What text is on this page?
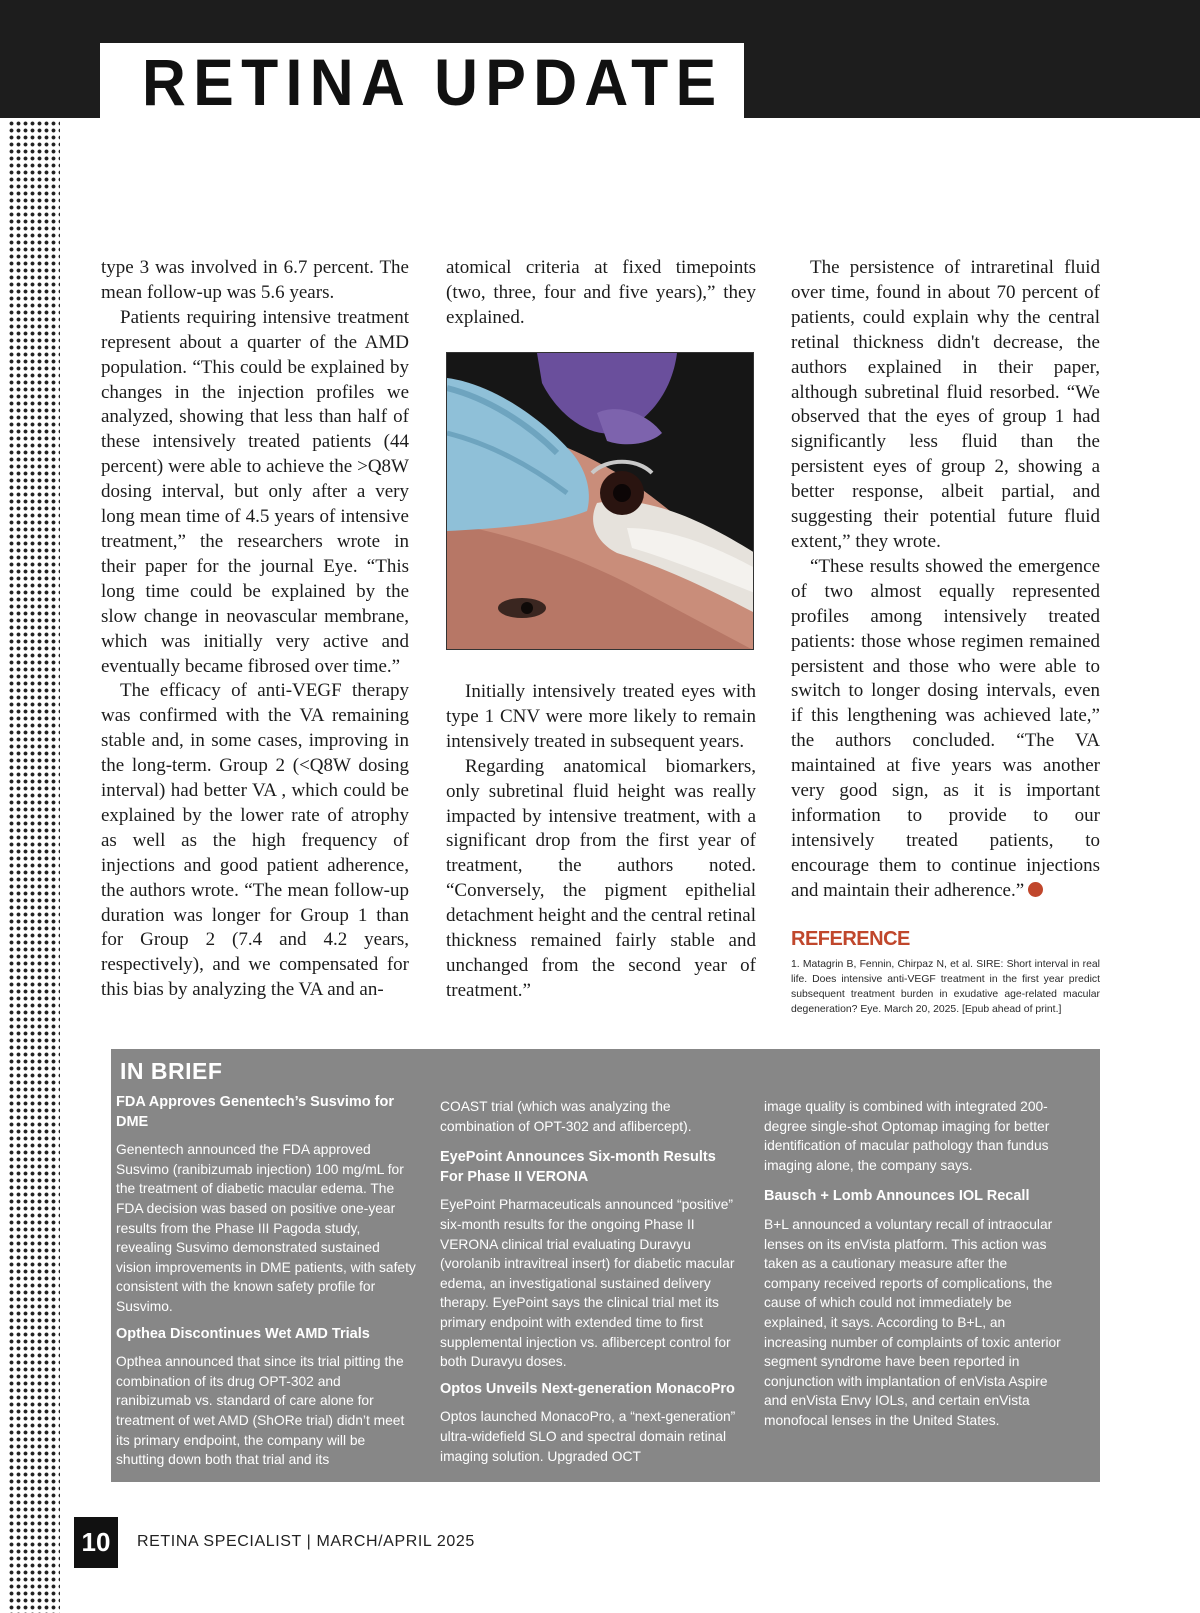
RETINA UPDATE

type 3 was involved in 6.7 percent. The mean follow-up was 5.6 years.

Patients requiring intensive treatment represent about a quarter of the AMD population. “This could be explained by changes in the injection profiles we analyzed, showing that less than half of these intensively treated patients (44 percent) were able to achieve the >Q8W dosing interval, but only after a very long mean time of 4.5 years of intensive treatment,” the researchers wrote in their paper for the journal Eye. “This long time could be explained by the slow change in neovascular membrane, which was initially very active and eventually became fibrosed over time.”

The efficacy of anti-VEGF therapy was confirmed with the VA remaining stable and, in some cases, improving in the long-term. Group 2 (<Q8W dosing interval) had better VA , which could be explained by the lower rate of atrophy as well as the high frequency of injections and good patient adherence, the authors wrote. “The mean follow-up duration was longer for Group 1 than for Group 2 (7.4 and 4.2 years, respectively), and we compensated for this bias by analyzing the VA and an-

atomical criteria at fixed timepoints (two, three, four and five years),” they explained.

Initially intensively treated eyes with type 1 CNV were more likely to remain intensively treated in subsequent years.

Regarding anatomical biomarkers, only subretinal fluid height was really impacted by intensive treatment, with a significant drop from the first year of treatment, the authors noted. “Conversely, the pigment epithelial detachment height and the central retinal thickness remained fairly stable and unchanged from the second year of treatment.”

The persistence of intraretinal fluid over time, found in about 70 percent of patients, could explain why the central retinal thickness didn't decrease, the authors explained in their paper, although subretinal fluid resorbed. “We observed that the eyes of group 1 had significantly less fluid than the persistent eyes of group 2, showing a better response, albeit partial, and suggesting their potential future fluid extent,” they wrote.

“These results showed the emergence of two almost equally represented profiles among intensively treated patients: those whose regimen remained persistent and those who were able to switch to longer dosing intervals, even if this lengthening was achieved late,” the authors concluded. “The VA maintained at five years was another very good sign, as it is important information to provide to our intensively treated patients, to encourage them to continue injections and maintain their adherence.”

REFERENCE
1. Matagrin B, Fennin, Chirpaz N, et al. SIRE: Short interval in real life. Does intensive anti-VEGF treatment in the first year predict subsequent treatment burden in exudative age-related macular degeneration? Eye. March 20, 2025. [Epub ahead of print.]
IN BRIEF
FDA Approves Genentech’s Susvimo for DME

Genentech announced the FDA approved Susvimo (ranibizumab injection) 100 mg/mL for the treatment of diabetic macular edema. The FDA decision was based on positive one-year results from the Phase III Pagoda study, revealing Susvimo demonstrated sustained vision improvements in DME patients, with safety consistent with the known safety profile for Susvimo.

Opthea Discontinues Wet AMD Trials

Opthea announced that since its trial pitting the combination of its drug OPT-302 and ranibizumab vs. standard of care alone for treatment of wet AMD (ShORe trial) didn’t meet its primary endpoint, the company will be shutting down both that trial and its

COAST trial (which was analyzing the combination of OPT-302 and aflibercept).

EyePoint Announces Six-month Results For Phase II VERONA

EyePoint Pharmaceuticals announced “positive” six-month results for the ongoing Phase II VERONA clinical trial evaluating Duravyu (vorolanib intravitreal insert) for diabetic macular edema, an investigational sustained delivery therapy. EyePoint says the clinical trial met its primary endpoint with extended time to first supplemental injection vs. aflibercept control for both Duravyu doses.

Optos Unveils Next-generation MonacoPro

Optos launched MonacoPro, a “next-generation” ultra-widefield SLO and spectral domain retinal imaging solution. Upgraded OCT

image quality is combined with integrated 200-degree single-shot Optomap imaging for better identification of macular pathology than fundus imaging alone, the company says.

Bausch + Lomb Announces IOL Recall

B+L announced a voluntary recall of intraocular lenses on its enVista platform. This action was taken as a cautionary measure after the company received reports of complications, the cause of which could not immediately be explained, it says. According to B+L, an increasing number of complaints of toxic anterior segment syndrome have been reported in conjunction with implantation of enVista Aspire and enVista Envy IOLs, and certain enVista monofocal lenses in the United States.

10	RETINA SPECIALIST | MARCH/APRIL 2025
